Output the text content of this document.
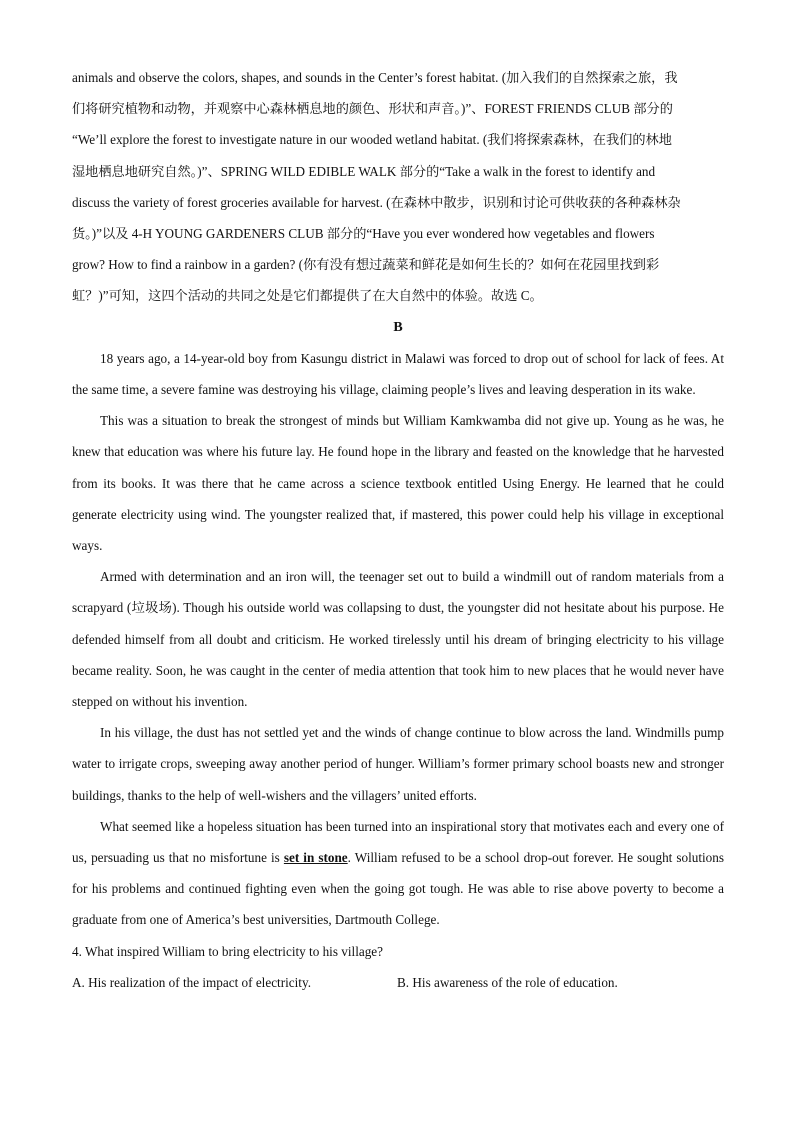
animals and observe the colors, shapes, and sounds in the Center’s forest habitat. (加入我们的自然探索之旅，我
们将研究植物和动物，并观察中心森林栖息地的颜色、形状和声音。)”、FOREST FRIENDS CLUB 部分的
“We’ll explore the forest to investigate nature in our wooded wetland habitat. (我们将探索森林，在我们的林地
湿地栖息地研究自然。)”、SPRING WILD EDIBLE WALK 部分的“Take a walk in the forest to identify and
discuss the variety of forest groceries available for harvest. (在森林中散步，识别和讨论可供收获的各种森林杂
货。)”以及 4-H YOUNG GARDENERS CLUB 部分的“Have you ever wondered how vegetables and flowers
grow? How to find a rainbow in a garden? (你有没有想过蔬菜和鲜花是如何生长的？如何在花园里找到彩
虹？)”可知，这四个活动的共同之处是它们都提供了在大自然中的体验。故选 C。

B

18 years ago, a 14-year-old boy from Kasungu district in Malawi was forced to drop out of school for lack of fees. At the same time, a severe famine was destroying his village, claiming people’s lives and leaving desperation in its wake.

This was a situation to break the strongest of minds but William Kamkwamba did not give up. Young as he was, he knew that education was where his future lay. He found hope in the library and feasted on the knowledge that he harvested from its books. It was there that he came across a science textbook entitled Using Energy. He learned that he could generate electricity using wind. The youngster realized that, if mastered, this power could help his village in exceptional ways.

Armed with determination and an iron will, the teenager set out to build a windmill out of random materials from a scrapyard (垃圾场). Though his outside world was collapsing to dust, the youngster did not hesitate about his purpose. He defended himself from all doubt and criticism. He worked tirelessly until his dream of bringing electricity to his village became reality. Soon, he was caught in the center of media attention that took him to new places that he would never have stepped on without his invention.

In his village, the dust has not settled yet and the winds of change continue to blow across the land. Windmills pump water to irrigate crops, sweeping away another period of hunger. William’s former primary school boasts new and stronger buildings, thanks to the help of well-wishers and the villagers’ united efforts.

What seemed like a hopeless situation has been turned into an inspirational story that motivates each and every one of us, persuading us that no misfortune is set in stone. William refused to be a school drop-out forever. He sought solutions for his problems and continued fighting even when the going got tough. He was able to rise above poverty to become a graduate from one of America’s best universities, Dartmouth College.

4. What inspired William to bring electricity to his village?

A. His realization of the impact of electricity.	B. His awareness of the role of education.
